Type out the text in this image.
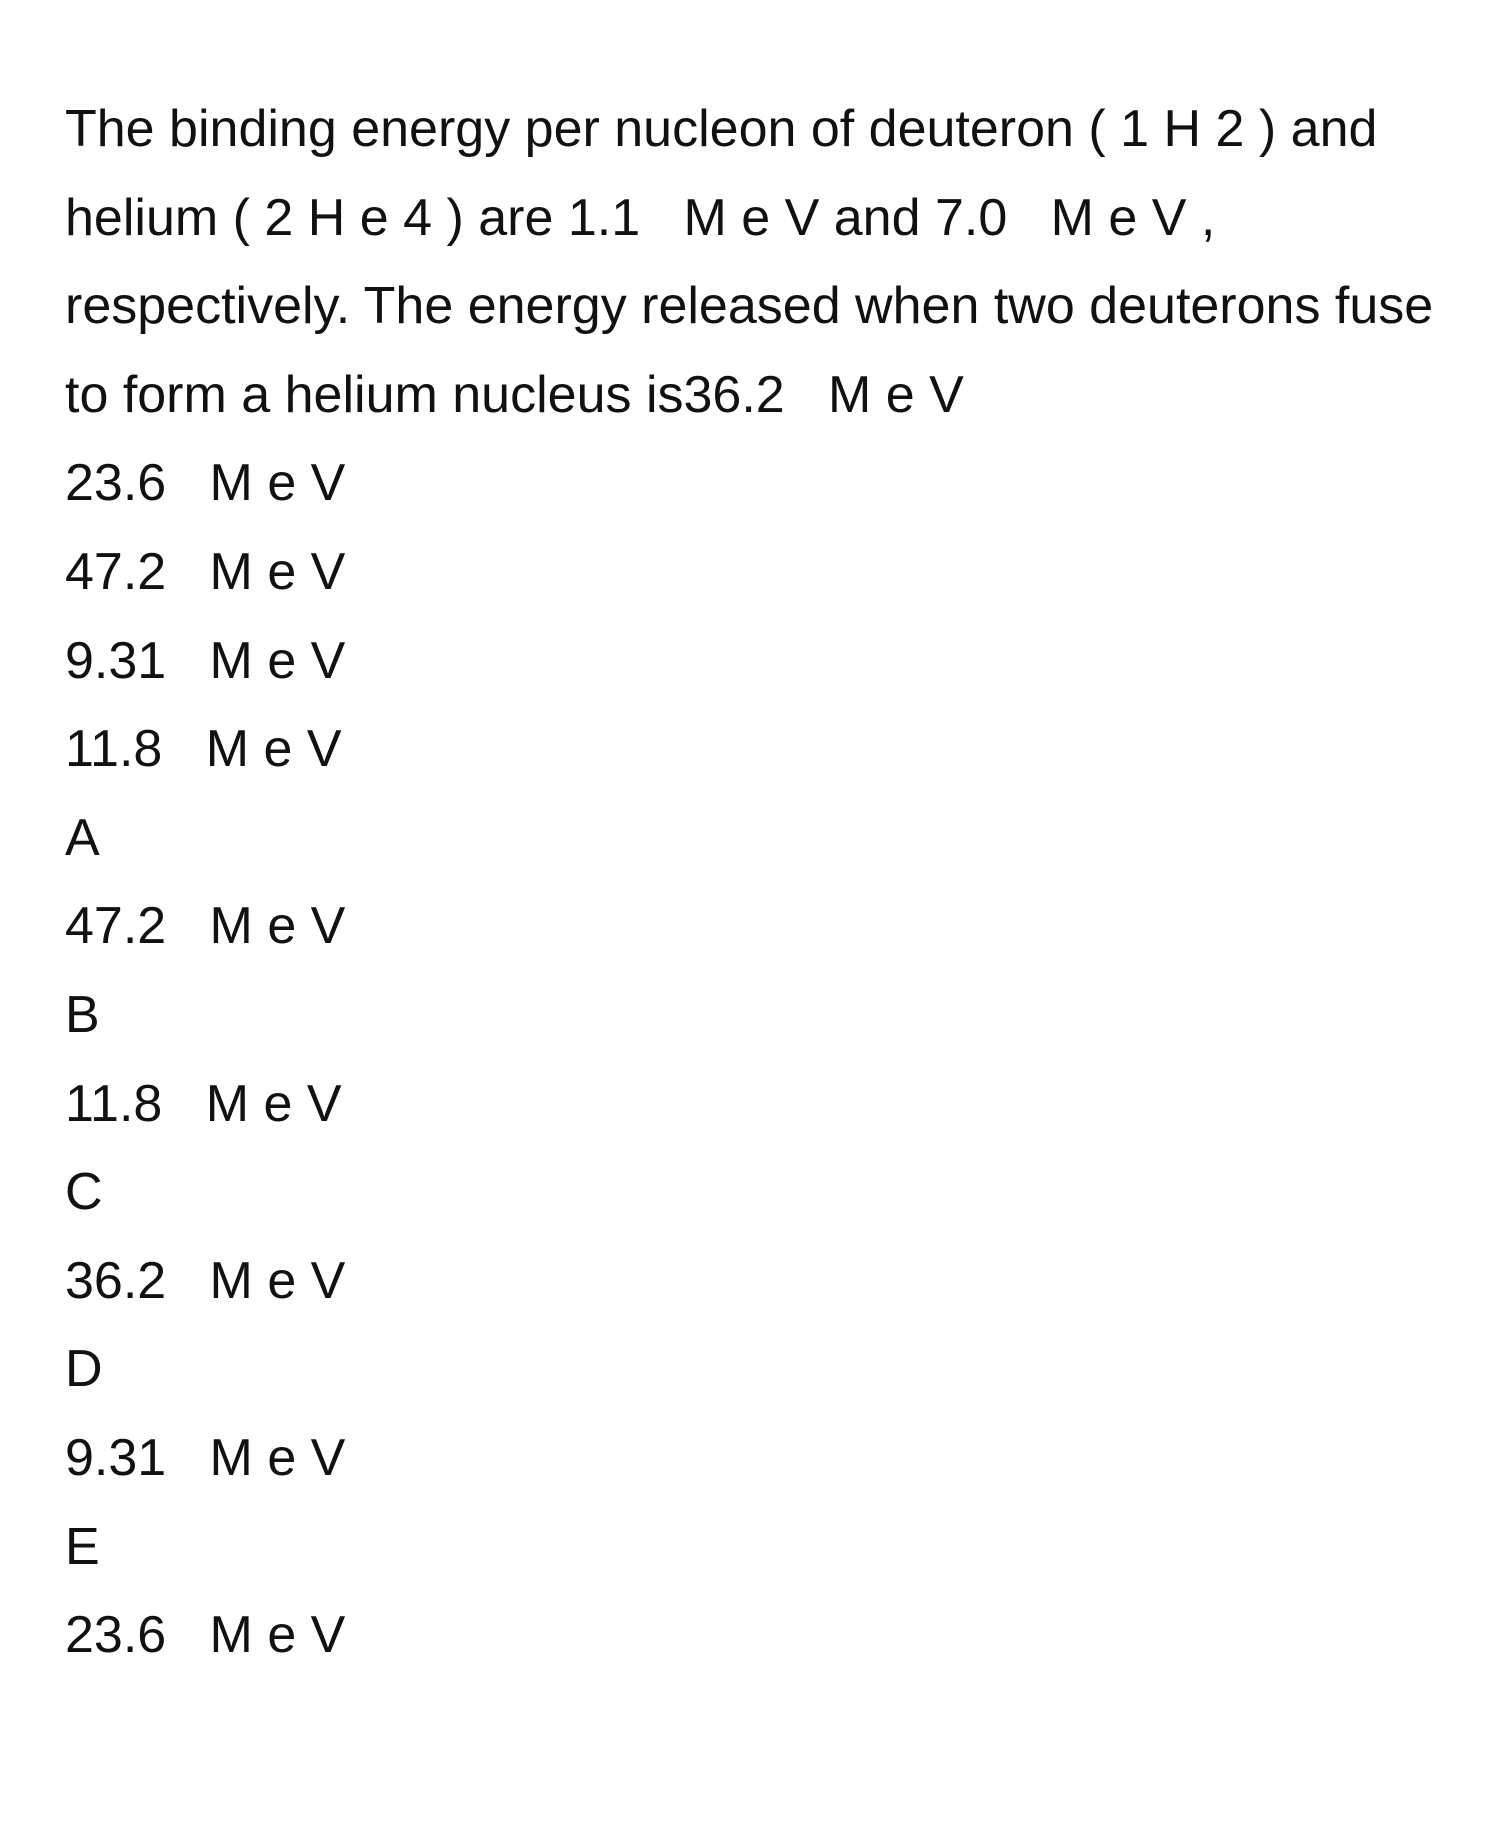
The binding energy per nucleon of deuteron ( 1 H 2 ) and helium ( 2 H e 4 ) are 1.1   M e V and 7.0   M e V , respectively. The energy released when two deuterons fuse to form a helium nucleus is36.2   M e V

23.6   M e V

47.2   M e V

9.31   M e V

11.8   M e V

A

47.2   M e V

B

11.8   M e V

C

36.2   M e V

D

9.31   M e V

E

23.6   M e V
